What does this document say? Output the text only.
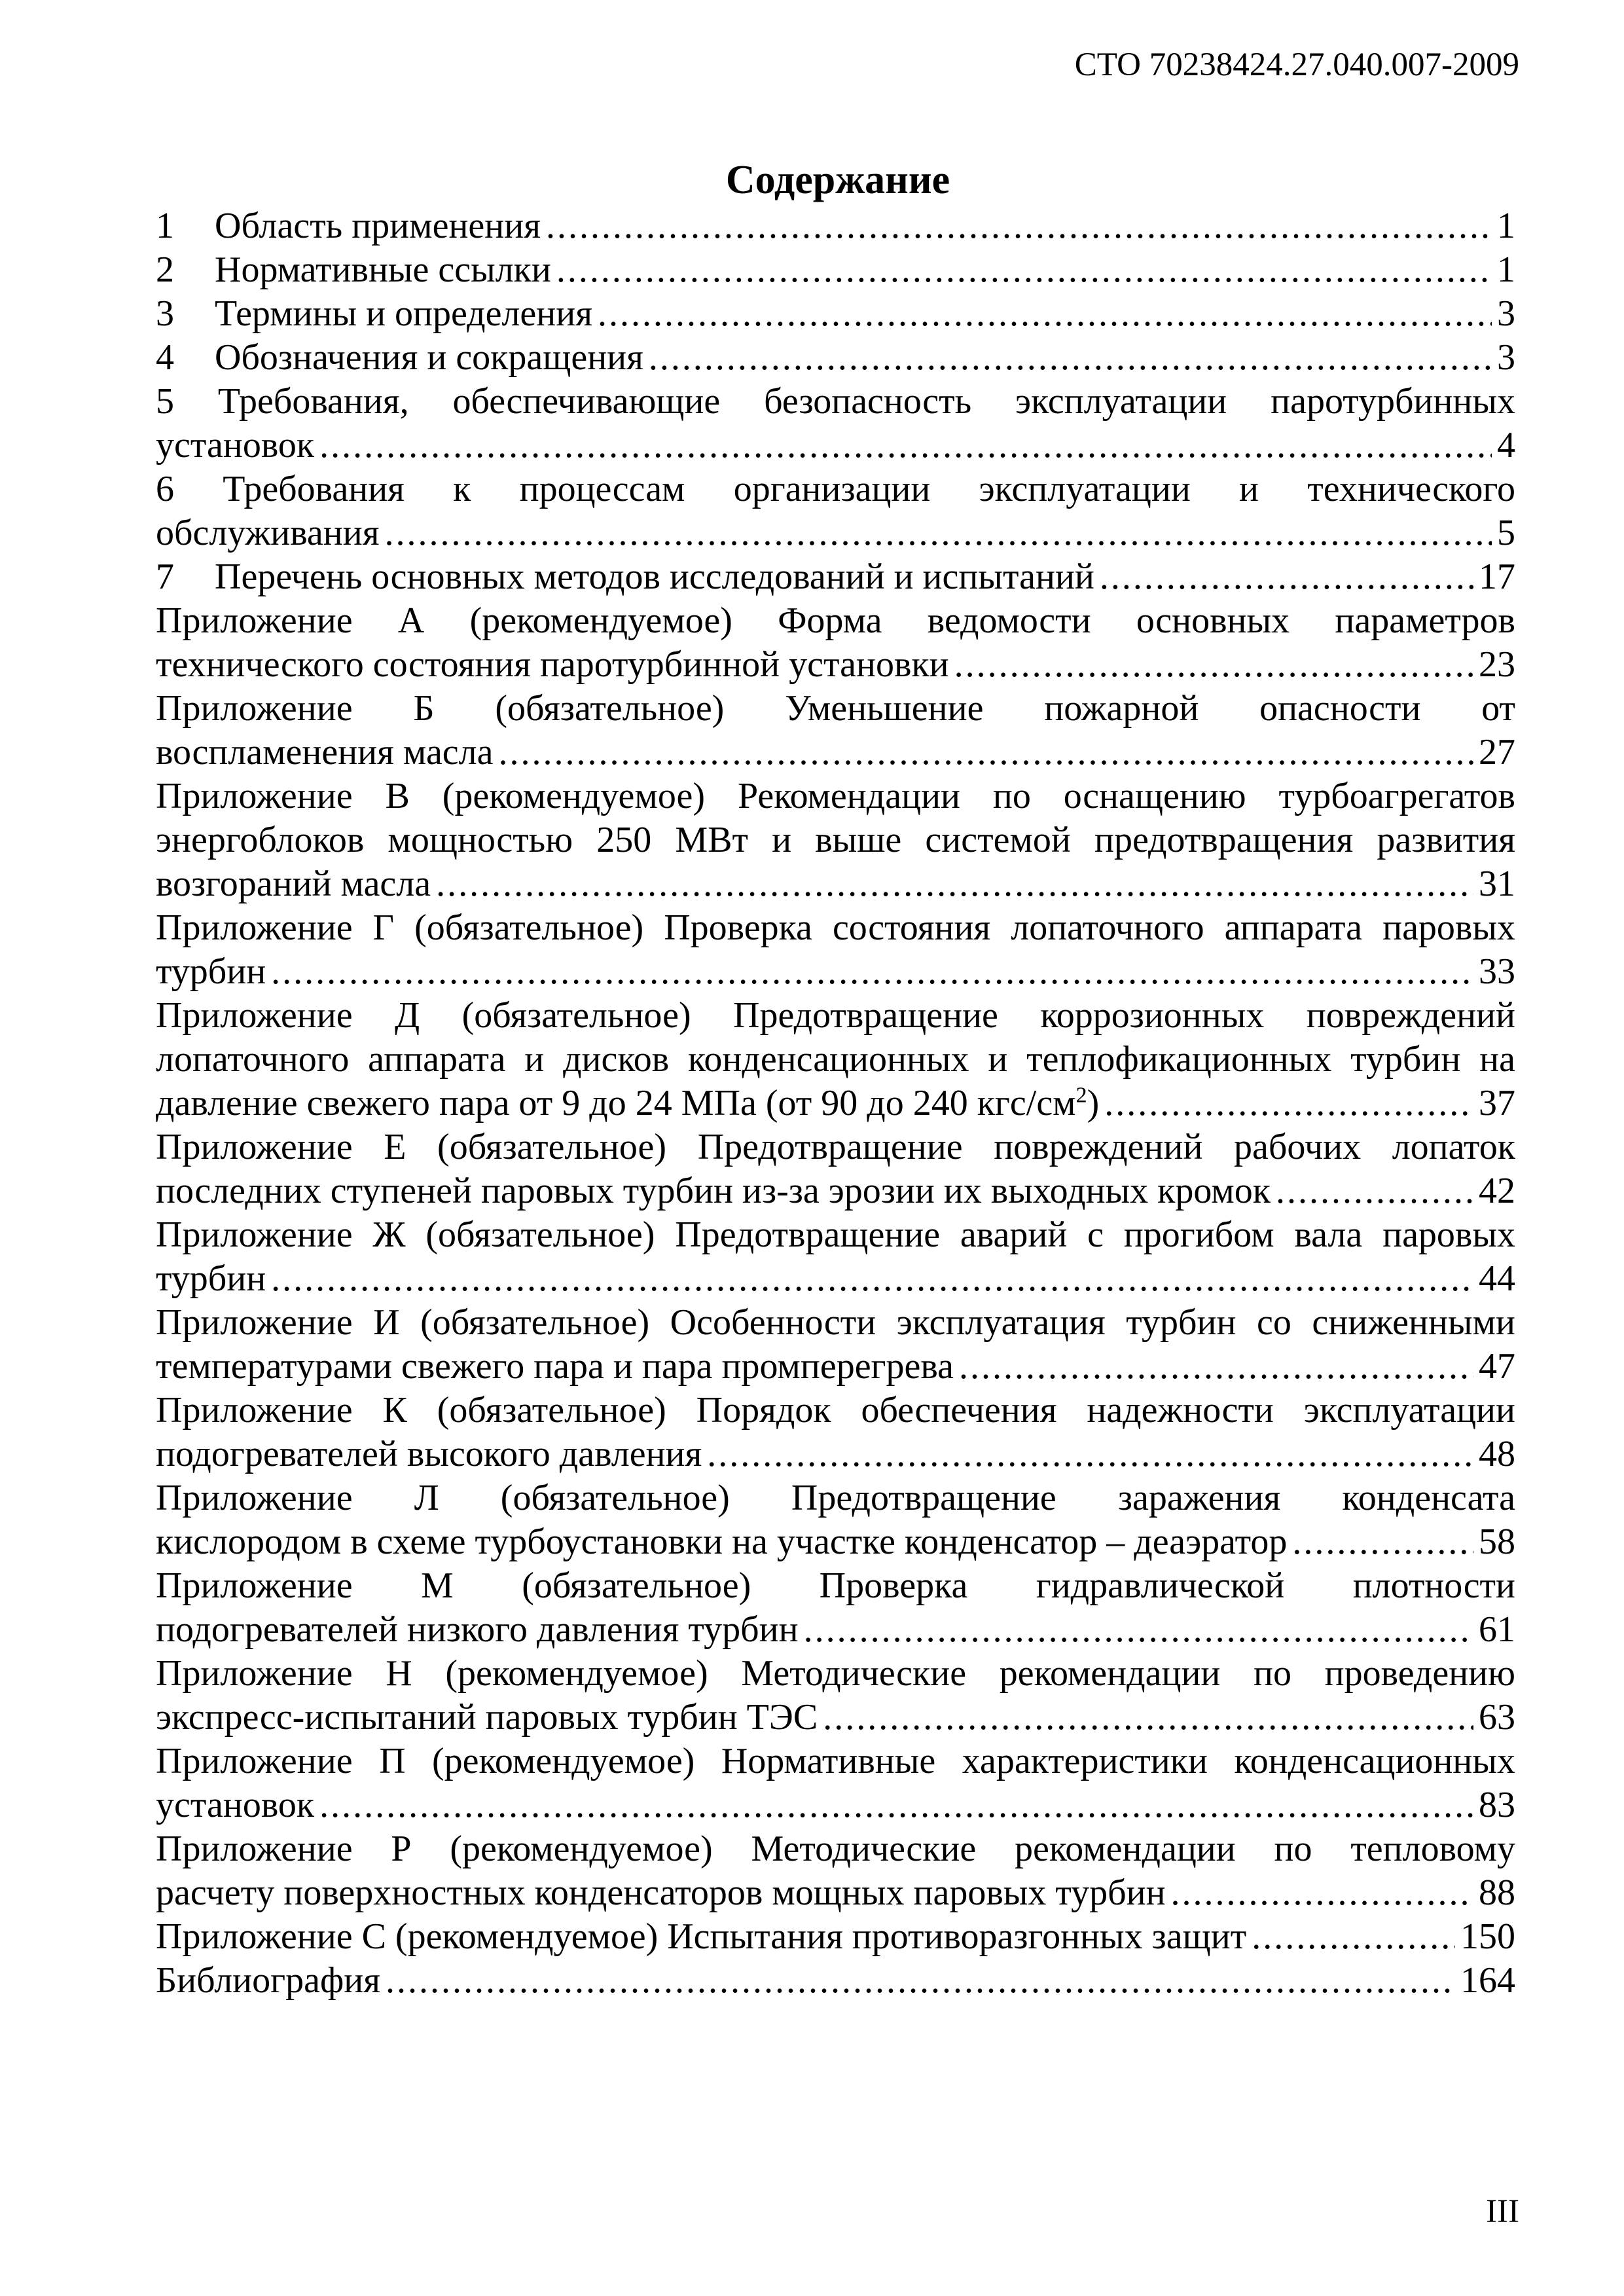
СТО 70238424.27.040.007-2009
Содержание
1	Область применения .....	1
2	Нормативные ссылки .....	1
3	Термины и определения .....	3
4	Обозначения и сокращения .....	3
5 Требования, обеспечивающие безопасность эксплуатации паротурбинных
установок .....	4
6 Требования к процессам организации эксплуатации и технического
обслуживания .....	5
7	Перечень основных методов исследований и испытаний .....	17
Приложение А (рекомендуемое) Форма ведомости основных параметров
технического состояния паротурбинной установки .....	23
Приложение Б (обязательное) Уменьшение пожарной опасности от
воспламенения масла .....	27
Приложение В (рекомендуемое) Рекомендации по оснащению турбоагрегатов
энергоблоков мощностью 250 МВт и выше системой предотвращения развития
возгораний масла .....	31
Приложение Г (обязательное) Проверка состояния лопаточного аппарата паровых
турбин .....	33
Приложение Д (обязательное) Предотвращение коррозионных повреждений
лопаточного аппарата и дисков конденсационных и теплофикационных турбин на
давление свежего пара от 9 до 24 МПа (от 90 до 240 кгс/$см^2$) .....	37
Приложение Е (обязательное) Предотвращение повреждений рабочих лопаток
последних ступеней паровых турбин из-за эрозии их выходных кромок .....	42
Приложение Ж (обязательное) Предотвращение аварий с прогибом вала паровых
турбин .....	44
Приложение И (обязательное) Особенности эксплуатация турбин со сниженными
температурами свежего пара и пара промперегрева .....	47
Приложение К (обязательное) Порядок обеспечения надежности эксплуатации
подогревателей высокого давления .....	48
Приложение Л (обязательное) Предотвращение заражения конденсата
кислородом в схеме турбоустановки на участке конденсатор – деаэратор .....	58
Приложение М (обязательное) Проверка гидравлической плотности
подогревателей низкого давления турбин .....	61
Приложение Н (рекомендуемое) Методические рекомендации по проведению
экспресс-испытаний паровых турбин ТЭС .....	63
Приложение П (рекомендуемое) Нормативные характеристики конденсационных
установок .....	83
Приложение Р (рекомендуемое) Методические рекомендации по тепловому
расчету поверхностных конденсаторов мощных паровых турбин .....	88
Приложение С (рекомендуемое) Испытания противоразгонных защит .....	150
Библиография .....	164
III
